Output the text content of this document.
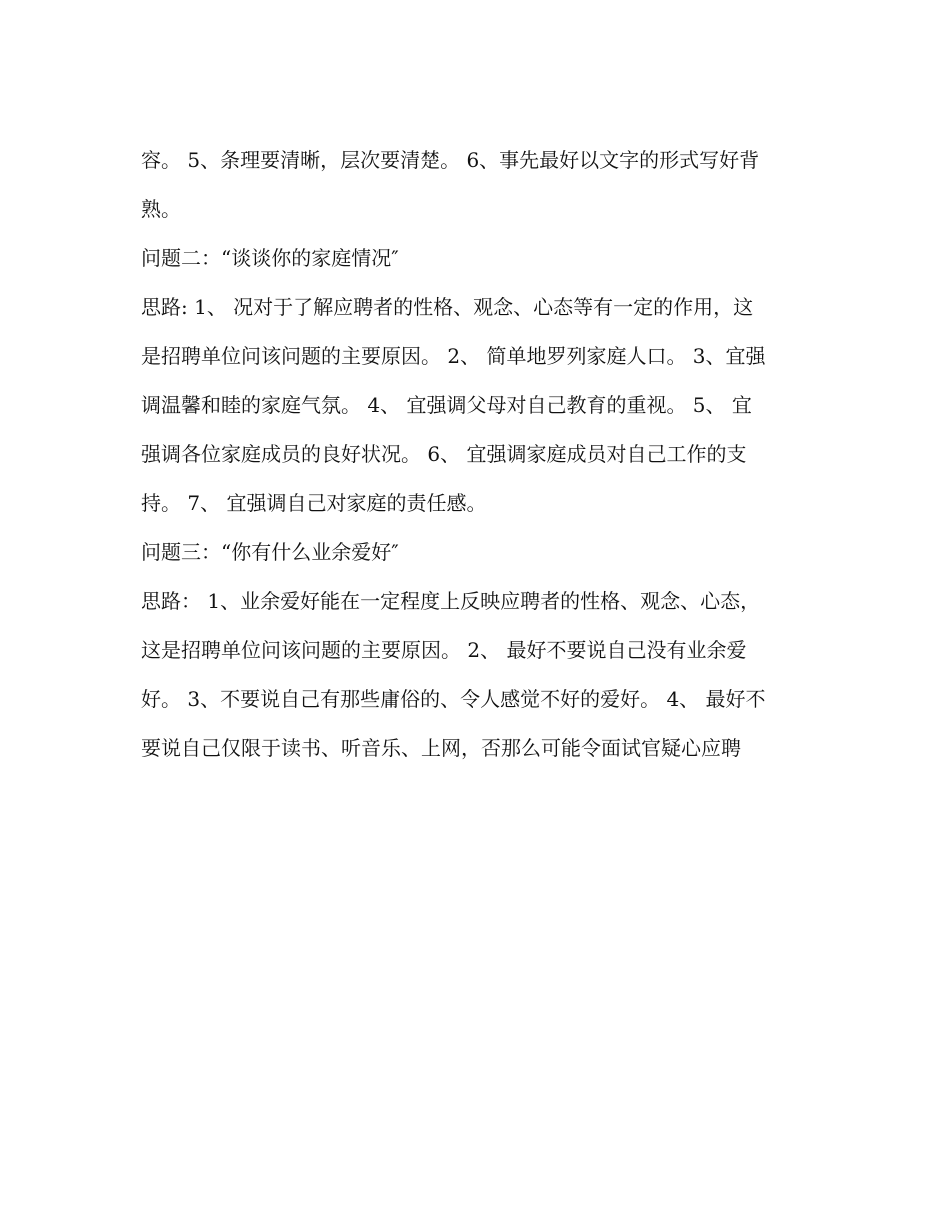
容。 5、条理要清晰，层次要清楚。 6、事先最好以文字的形式写好背
熟。
问题二：“谈谈你的家庭情况″
思路: 1、 况对于了解应聘者的性格、观念、心态等有一定的作用，这
是招聘单位问该问题的主要原因。 2、 简单地罗列家庭人口。 3、宜强
调温馨和睦的家庭气氛。 4、 宜强调父母对自己教育的重视。 5、 宜
强调各位家庭成员的良好状况。 6、 宜强调家庭成员对自己工作的支
持。 7、 宜强调自己对家庭的责任感。
问题三：“你有什么业余爱好″
思路： 1、业余爱好能在一定程度上反映应聘者的性格、观念、心态，
这是招聘单位问该问题的主要原因。 2、 最好不要说自己没有业余爱
好。 3、不要说自己有那些庸俗的、令人感觉不好的爱好。 4、 最好不
要说自己仅限于读书、听音乐、上网，否那么可能令面试官疑心应聘
